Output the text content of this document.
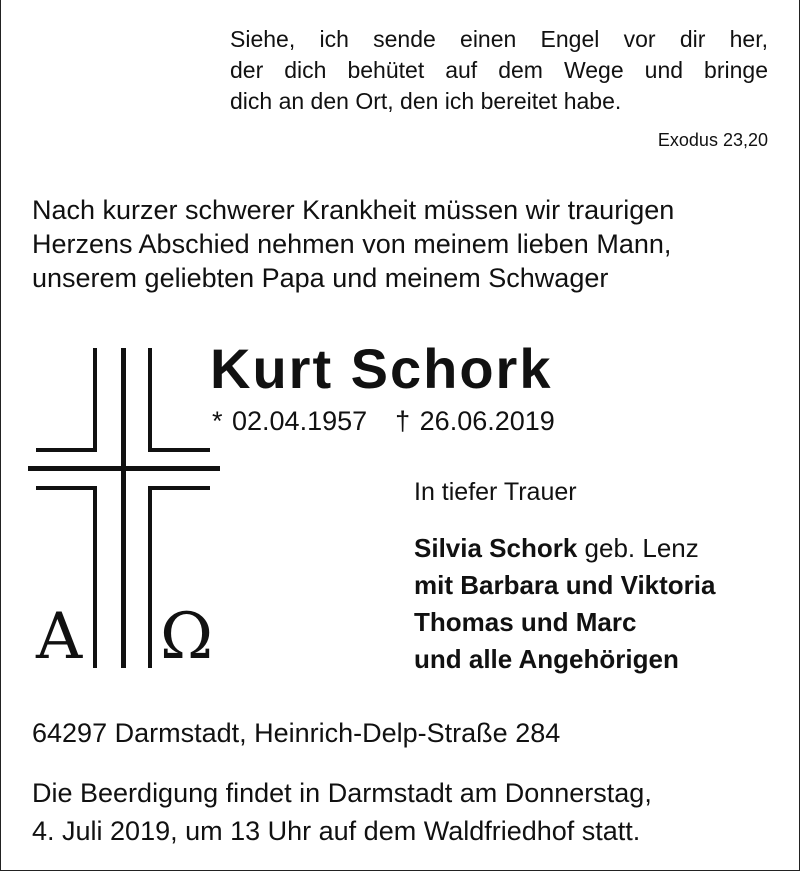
Siehe, ich sende einen Engel vor dir her,
der dich behütet auf dem Wege und bringe
dich an den Ort, den ich bereitet habe.
Exodus 23,20
Nach kurzer schwerer Krankheit müssen wir traurigen
Herzens Abschied nehmen von meinem lieben Mann,
unserem geliebten Papa und meinem Schwager
A Ω
Kurt Schork
* 02.04.1957 † 26.06.2019
In tiefer Trauer
Silvia Schork geb. Lenz
mit Barbara und Viktoria
Thomas und Marc
und alle Angehörigen
64297 Darmstadt, Heinrich-Delp-Straße 284
Die Beerdigung findet in Darmstadt am Donnerstag,
4. Juli 2019, um 13 Uhr auf dem Waldfriedhof statt.
